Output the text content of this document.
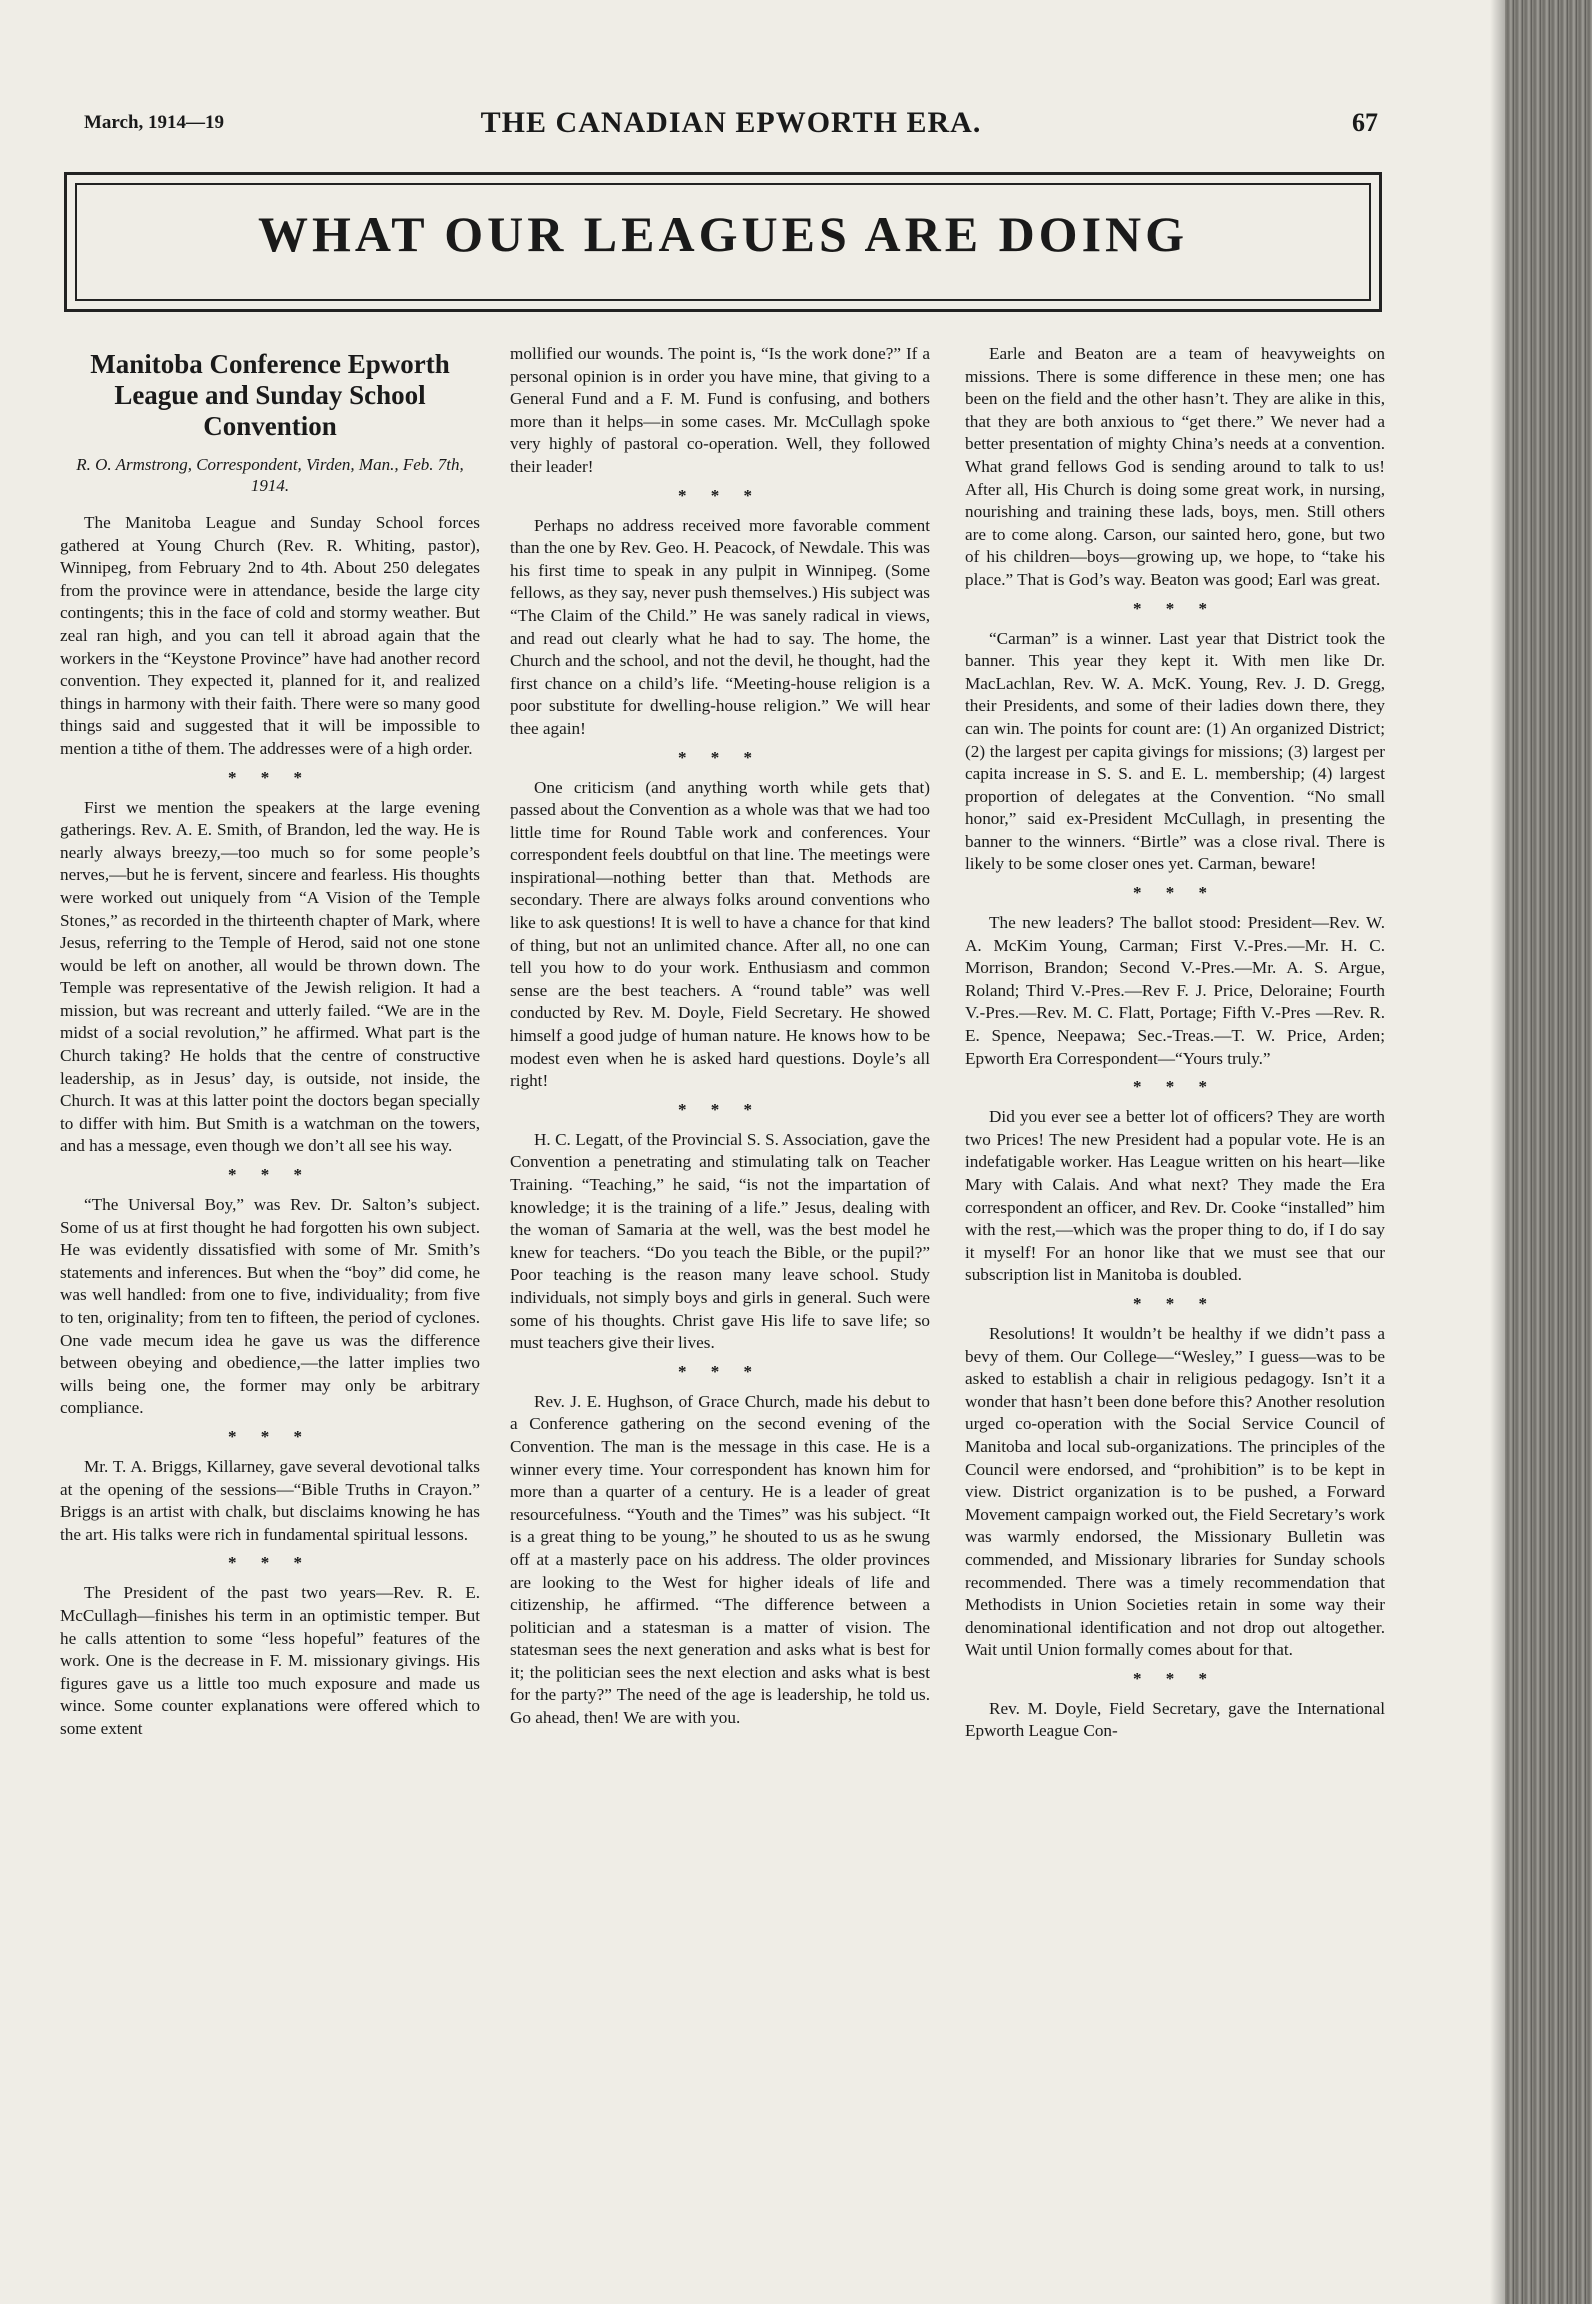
March, 1914—19	THE CANADIAN EPWORTH ERA.	67
WHAT OUR LEAGUES ARE DOING
Manitoba Conference Epworth League and Sunday School Convention
R. O. Armstrong, Correspondent, Virden, Man., Feb. 7th, 1914.

The Manitoba League and Sunday School forces gathered at Young Church (Rev. R. Whiting, pastor), Winnipeg, from February 2nd to 4th. About 250 delegates from the province were in attendance, beside the large city contingents; this in the face of cold and stormy weather. But zeal ran high, and you can tell it abroad again that the workers in the “Keystone Province” have had another record convention. They expected it, planned for it, and realized things in harmony with their faith. There were so many good things said and suggested that it will be impossible to mention a tithe of them. The addresses were of a high order.

* * *

First we mention the speakers at the large evening gatherings. Rev. A. E. Smith, of Brandon, led the way. He is nearly always breezy,—too much so for some people’s nerves,—but he is fervent, sincere and fearless. His thoughts were worked out uniquely from “A Vision of the Temple Stones,” as recorded in the thirteenth chapter of Mark, where Jesus, referring to the Temple of Herod, said not one stone would be left on another, all would be thrown down. The Temple was representative of the Jewish religion. It had a mission, but was recreant and utterly failed. “We are in the midst of a social revolution,” he affirmed. What part is the Church taking? He holds that the centre of constructive leadership, as in Jesus’ day, is outside, not inside, the Church. It was at this latter point the doctors began specially to differ with him. But Smith is a watchman on the towers, and has a message, even though we don’t all see his way.

* * *

“The Universal Boy,” was Rev. Dr. Salton’s subject. Some of us at first thought he had forgotten his own subject. He was evidently dissatisfied with some of Mr. Smith’s statements and inferences. But when the “boy” did come, he was well handled: from one to five, individuality; from five to ten, originality; from ten to fifteen, the period of cyclones. One vade mecum idea he gave us was the difference between obeying and obedience,—the latter implies two wills being one, the former may only be arbitrary compliance.

* * *

Mr. T. A. Briggs, Killarney, gave several devotional talks at the opening of the sessions—“Bible Truths in Crayon.” Briggs is an artist with chalk, but disclaims knowing he has the art. His talks were rich in fundamental spiritual lessons.

* * *

The President of the past two years—Rev. R. E. McCullagh—finishes his term in an optimistic temper. But he calls attention to some “less hopeful” features of the work. One is the decrease in F. M. missionary givings. His figures gave us a little too much exposure and made us wince. Some counter explanations were offered which to some extent

mollified our wounds. The point is, “Is the work done?” If a personal opinion is in order you have mine, that giving to a General Fund and a F. M. Fund is confusing, and bothers more than it helps—in some cases. Mr. McCullagh spoke very highly of pastoral co-operation. Well, they followed their leader!

* * *

Perhaps no address received more favorable comment than the one by Rev. Geo. H. Peacock, of Newdale. This was his first time to speak in any pulpit in Winnipeg. (Some fellows, as they say, never push themselves.) His subject was “The Claim of the Child.” He was sanely radical in views, and read out clearly what he had to say. The home, the Church and the school, and not the devil, he thought, had the first chance on a child’s life. “Meeting-house religion is a poor substitute for dwelling-house religion.” We will hear thee again!

* * *

One criticism (and anything worth while gets that) passed about the Convention as a whole was that we had too little time for Round Table work and conferences. Your correspondent feels doubtful on that line. The meetings were inspirational—nothing better than that. Methods are secondary. There are always folks around conventions who like to ask questions! It is well to have a chance for that kind of thing, but not an unlimited chance. After all, no one can tell you how to do your work. Enthusiasm and common sense are the best teachers. A “round table” was well conducted by Rev. M. Doyle, Field Secretary. He showed himself a good judge of human nature. He knows how to be modest even when he is asked hard questions. Doyle’s all right!

* * *

H. C. Legatt, of the Provincial S. S. Association, gave the Convention a penetrating and stimulating talk on Teacher Training. “Teaching,” he said, “is not the impartation of knowledge; it is the training of a life.” Jesus, dealing with the woman of Samaria at the well, was the best model he knew for teachers. “Do you teach the Bible, or the pupil?” Poor teaching is the reason many leave school. Study individuals, not simply boys and girls in general. Such were some of his thoughts. Christ gave His life to save life; so must teachers give their lives.

* * *

Rev. J. E. Hughson, of Grace Church, made his debut to a Conference gathering on the second evening of the Convention. The man is the message in this case. He is a winner every time. Your correspondent has known him for more than a quarter of a century. He is a leader of great resourcefulness. “Youth and the Times” was his subject. “It is a great thing to be young,” he shouted to us as he swung off at a masterly pace on his address. The older provinces are looking to the West for higher ideals of life and citizenship, he affirmed. “The difference between a politician and a statesman is a matter of vision. The statesman sees the next generation and asks what is best for it; the politician sees the next election and asks what is best for the party?” The need of the age is leadership, he told us. Go ahead, then! We are with you.

Earle and Beaton are a team of heavyweights on missions. There is some difference in these men; one has been on the field and the other hasn’t. They are alike in this, that they are both anxious to “get there.” We never had a better presentation of mighty China’s needs at a convention. What grand fellows God is sending around to talk to us! After all, His Church is doing some great work, in nursing, nourishing and training these lads, boys, men. Still others are to come along. Carson, our sainted hero, gone, but two of his children—boys—growing up, we hope, to “take his place.” That is God’s way. Beaton was good; Earl was great.

* * *

“Carman” is a winner. Last year that District took the banner. This year they kept it. With men like Dr. MacLachlan, Rev. W. A. McK. Young, Rev. J. D. Gregg, their Presidents, and some of their ladies down there, they can win. The points for count are: (1) An organized District; (2) the largest per capita givings for missions; (3) largest per capita increase in S. S. and E. L. membership; (4) largest proportion of delegates at the Convention. “No small honor,” said ex-President McCullagh, in presenting the banner to the winners. “Birtle” was a close rival. There is likely to be some closer ones yet. Carman, beware!

* * *

The new leaders? The ballot stood: President—Rev. W. A. McKim Young, Carman; First V.-Pres.—Mr. H. C. Morrison, Brandon; Second V.-Pres.—Mr. A. S. Argue, Roland; Third V.-Pres.—Rev F. J. Price, Deloraine; Fourth V.-Pres.—Rev. M. C. Flatt, Portage; Fifth V.-Pres —Rev. R. E. Spence, Neepawa; Sec.-Treas.—T. W. Price, Arden; Epworth Era Correspondent—“Yours truly.”

* * *

Did you ever see a better lot of officers? They are worth two Prices! The new President had a popular vote. He is an indefatigable worker. Has League written on his heart—like Mary with Calais. And what next? They made the Era correspondent an officer, and Rev. Dr. Cooke “installed” him with the rest,—which was the proper thing to do, if I do say it myself! For an honor like that we must see that our subscription list in Manitoba is doubled.

* * *

Resolutions! It wouldn’t be healthy if we didn’t pass a bevy of them. Our College—“Wesley,” I guess—was to be asked to establish a chair in religious pedagogy. Isn’t it a wonder that hasn’t been done before this? Another resolution urged co-operation with the Social Service Council of Manitoba and local sub-organizations. The principles of the Council were endorsed, and “prohibition” is to be kept in view. District organization is to be pushed, a Forward Movement campaign worked out, the Field Secretary’s work was warmly endorsed, the Missionary Bulletin was commended, and Missionary libraries for Sunday schools recommended. There was a timely recommendation that Methodists in Union Societies retain in some way their denominational identification and not drop out altogether. Wait until Union formally comes about for that.

* * *

Rev. M. Doyle, Field Secretary, gave the International Epworth League Con-
